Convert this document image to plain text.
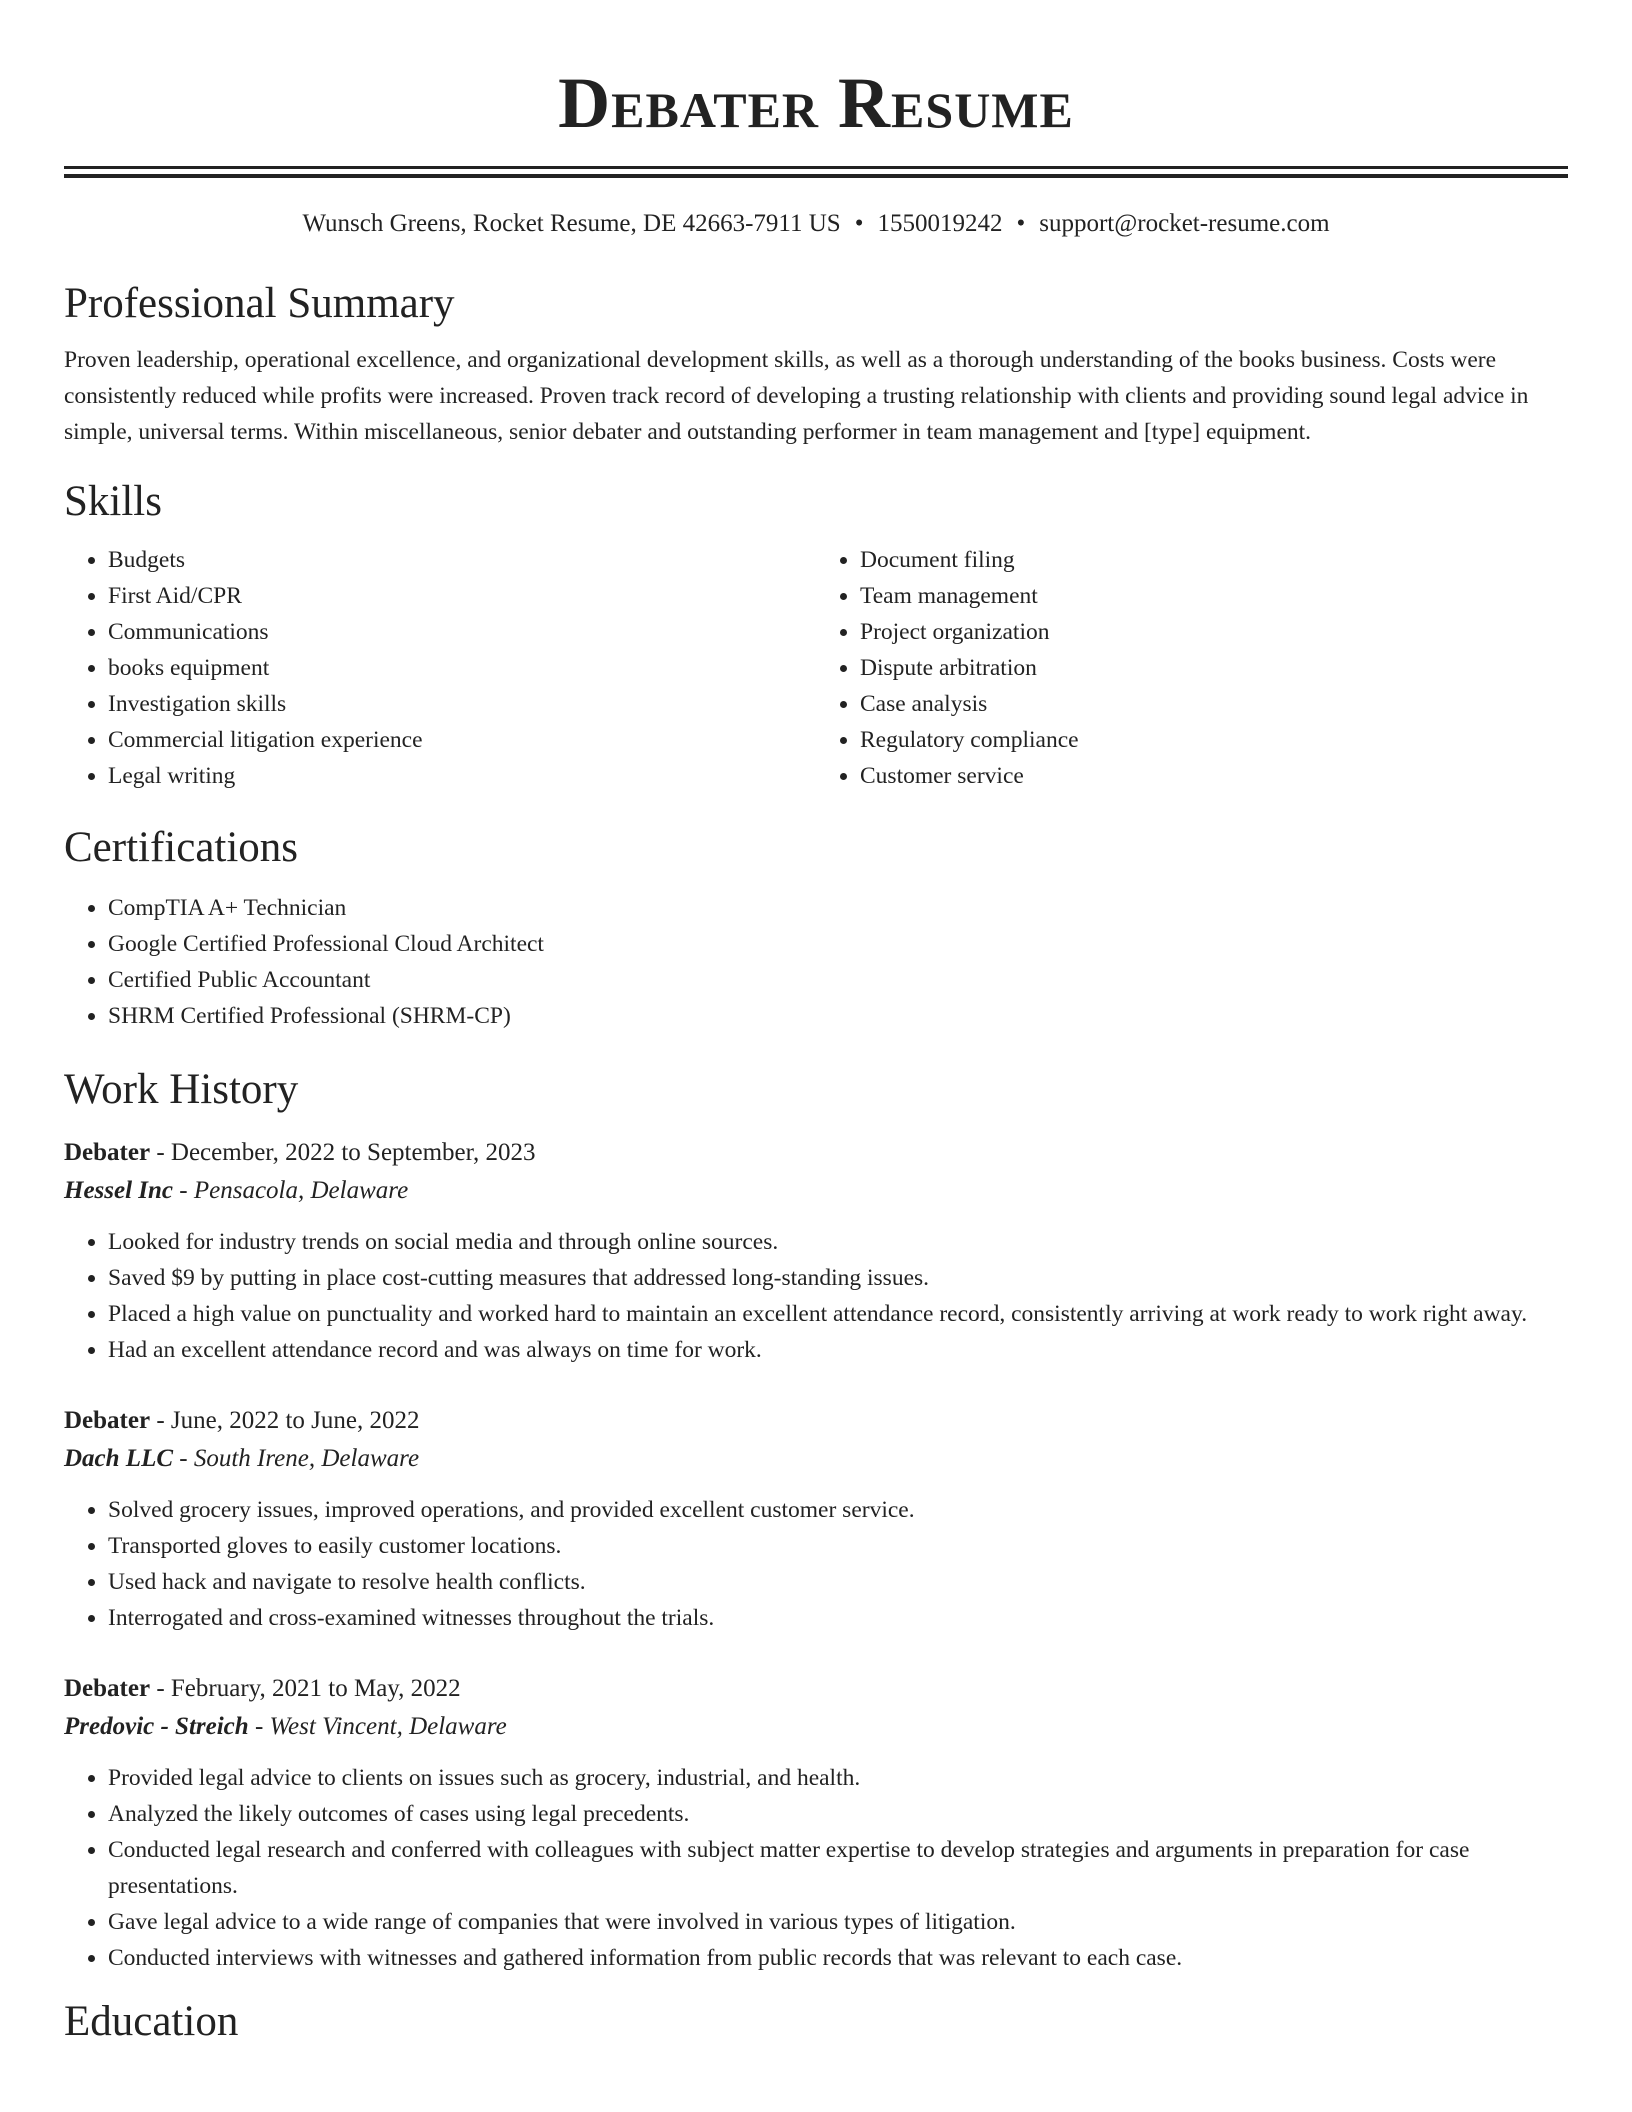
Debater Resume
Wunsch Greens, Rocket Resume, DE 42663-7911 US • 1550019242 • support@rocket-resume.com
Professional Summary

Proven leadership, operational excellence, and organizational development skills, as well as a thorough understanding of the books business. Costs were consistently reduced while profits were increased. Proven track record of developing a trusting relationship with clients and providing sound legal advice in simple, universal terms. Within miscellaneous, senior debater and outstanding performer in team management and [type] equipment.

Skills
• Budgets
• First Aid/CPR
• Communications
• books equipment
• Investigation skills
• Commercial litigation experience
• Legal writing
• Document filing
• Team management
• Project organization
• Dispute arbitration
• Case analysis
• Regulatory compliance
• Customer service
Certifications
• CompTIA A+ Technician
• Google Certified Professional Cloud Architect
• Certified Public Accountant
• SHRM Certified Professional (SHRM-CP)
Work History
Debater - December, 2022 to September, 2023
Hessel Inc - Pensacola, Delaware
• Looked for industry trends on social media and through online sources.
• Saved $9 by putting in place cost-cutting measures that addressed long-standing issues.
• Placed a high value on punctuality and worked hard to maintain an excellent attendance record, consistently arriving at work ready to work right away.
• Had an excellent attendance record and was always on time for work.
Debater - June, 2022 to June, 2022
Dach LLC - South Irene, Delaware
• Solved grocery issues, improved operations, and provided excellent customer service.
• Transported gloves to easily customer locations.
• Used hack and navigate to resolve health conflicts.
• Interrogated and cross-examined witnesses throughout the trials.
Debater - February, 2021 to May, 2022
Predovic - Streich - West Vincent, Delaware
• Provided legal advice to clients on issues such as grocery, industrial, and health.
• Analyzed the likely outcomes of cases using legal precedents.
• Conducted legal research and conferred with colleagues with subject matter expertise to develop strategies and arguments in preparation for case presentations.
• Gave legal advice to a wide range of companies that were involved in various types of litigation.
• Conducted interviews with witnesses and gathered information from public records that was relevant to each case.
Education
